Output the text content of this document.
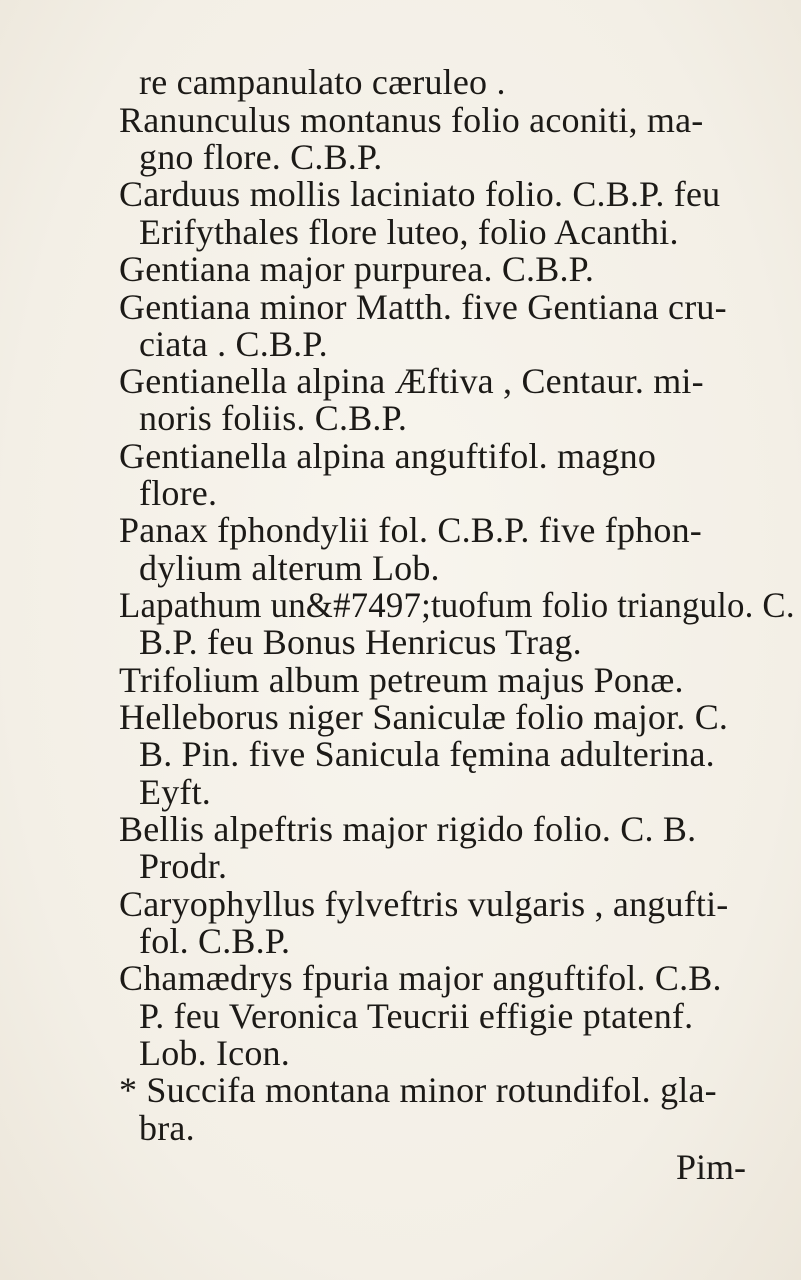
re campanulato cæruleo .
Ranunculus montanus folio aconiti, ma-
gno flore. C.B.P.
Carduus mollis laciniato folio. C.B.P. feu
Erifythales flore luteo, folio Acanthi.
Gentiana major purpurea. C.B.P.
Gentiana minor Matth. five Gentiana cru-
ciata . C.B.P.
Gentianella alpina Æftiva , Centaur. mi-
noris foliis. C.B.P.
Gentianella alpina anguftifol. magno
flore.
Panax fphondylii fol. C.B.P. five fphon-
dylium alterum Lob.
Lapathum un&#7497;tuofum folio triangulo. C.
B.P. feu Bonus Henricus Trag.
Trifolium album petreum majus Ponæ.
Helleborus niger Saniculæ folio major. C.
B. Pin. five Sanicula fęmina adulterina.
Eyft.
Bellis alpeftris major rigido folio. C. B.
Prodr.
Caryophyllus fylveftris vulgaris , angufti-
fol. C.B.P.
Chamædrys fpuria major anguftifol. C.B.
P. feu Veronica Teucrii effigie ptatenf.
Lob. Icon.
* Succifa montana minor rotundifol. gla-
bra.
Pim-
